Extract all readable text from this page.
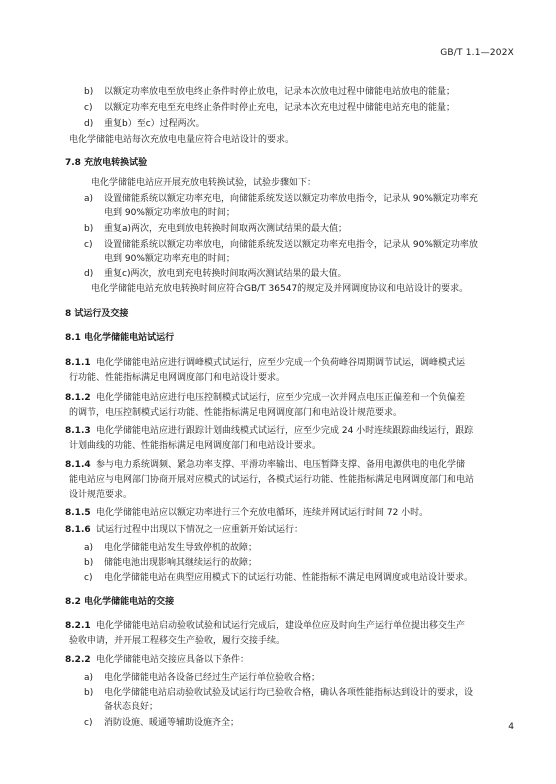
GB/T 1.1—202X
b) 以额定功率放电至放电终止条件时停止放电，记录本次放电过程中储能电站放电的能量；
c) 以额定功率充电至充电终止条件时停止充电，记录本次充电过程中储能电站充电的能量；
d) 重复b）至c）过程两次。
电化学储能电站每次充放电电量应符合电站设计的要求。
7.8 充放电转换试验
电化学储能电站应开展充放电转换试验，试验步骤如下：
a) 设置储能系统以额定功率充电，向储能系统发送以额定功率放电指令，记录从 90%额定功率充
电到 90%额定功率放电的时间；
b) 重复a)两次，充电到放电转换时间取两次测试结果的最大值；
c) 设置储能系统以额定功率放电，向储能系统发送以额定功率充电指令，记录从 90%额定功率放
电到 90%额定功率充电的时间；
d) 重复c)两次，放电到充电转换时间取两次测试结果的最大值。
电化学储能电站充放电转换时间应符合GB/T 36547的规定及并网调度协议和电站设计的要求。
8 试运行及交接
8.1 电化学储能电站试运行
8.1.1 电化学储能电站应进行调峰模式试运行，应至少完成一个负荷峰谷周期调节试运，调峰模式运
行功能、性能指标满足电网调度部门和电站设计要求。
8.1.2 电化学储能电站应进行电压控制模式试运行，应至少完成一次并网点电压正偏差和一个负偏差
的调节，电压控制模式运行功能、性能指标满足电网调度部门和电站设计规范要求。
8.1.3 电化学储能电站应进行跟踪计划曲线模式试运行，应至少完成 24 小时连续跟踪曲线运行，跟踪
计划曲线的功能、性能指标满足电网调度部门和电站设计要求。
8.1.4 参与电力系统调频、紧急功率支撑、平滑功率输出、电压暂降支撑、备用电源供电的电化学储
能电站应与电网部门协商开展对应模式的试运行，各模式运行功能、性能指标满足电网调度部门和电站
设计规范要求。
8.1.5 电化学储能电站应以额定功率进行三个充放电循环，连续并网试运行时间 72 小时。
8.1.6 试运行过程中出现以下情况之一应重新开始试运行：
a) 电化学储能电站发生导致停机的故障；
b) 储能电池出现影响其继续运行的故障；
c) 电化学储能电站在典型应用模式下的试运行功能、性能指标不满足电网调度或电站设计要求。
8.2 电化学储能电站的交接
8.2.1 电化学储能电站启动验收试验和试运行完成后，建设单位应及时向生产运行单位提出移交生产
验收申请，并开展工程移交生产验收，履行交接手续。
8.2.2 电化学储能电站交接应具备以下条件：
a) 电化学储能电站各设备已经过生产运行单位验收合格；
b) 电化学储能电站启动验收试验及试运行均已验收合格，确认各项性能指标达到设计的要求，设
备状态良好；
c) 消防设施、暖通等辅助设施齐全；	4
